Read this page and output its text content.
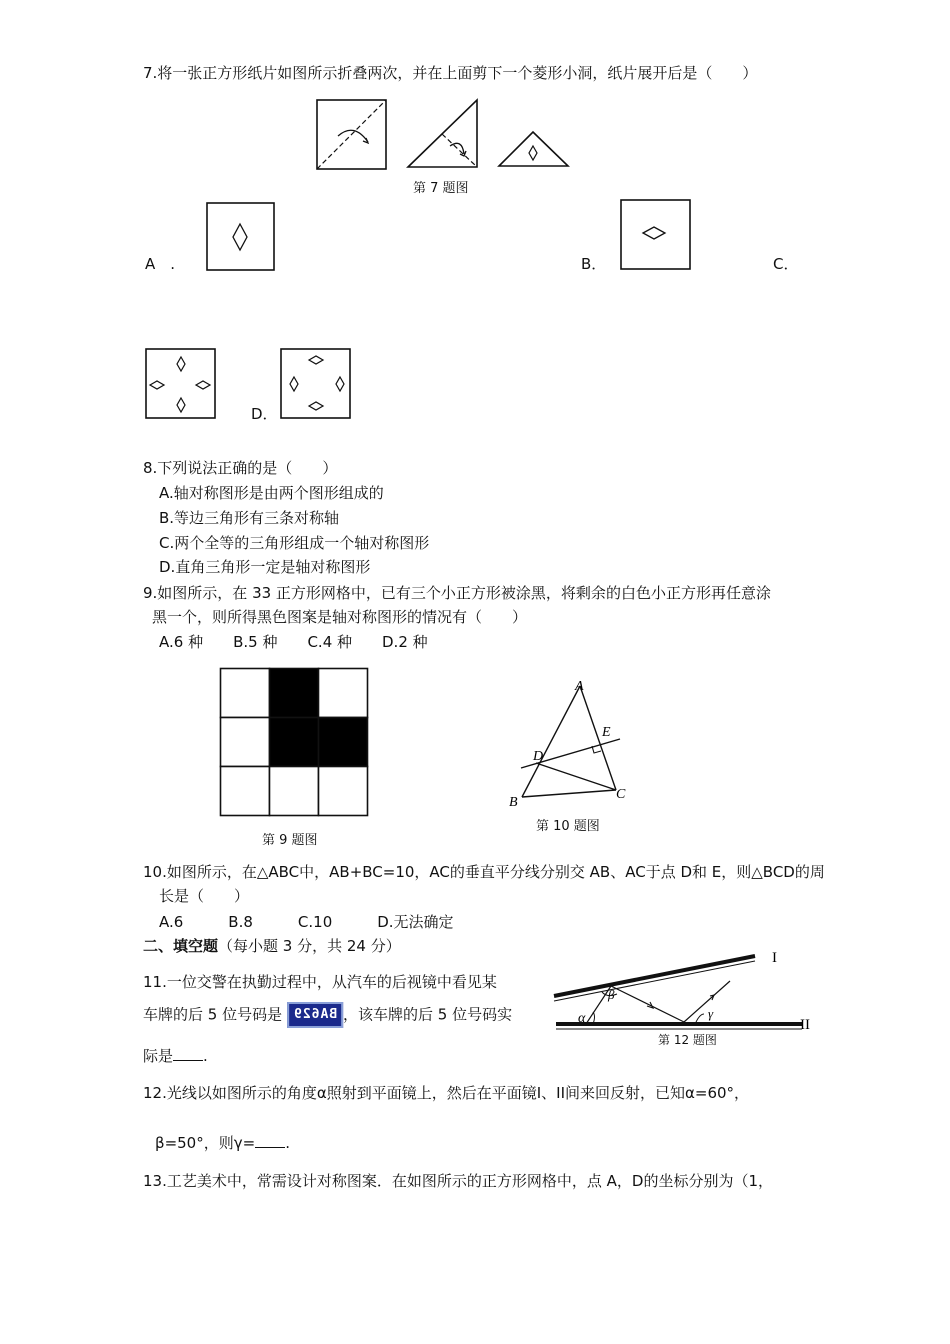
7.将一张正方形纸片如图所示折叠两次，并在上面剪下一个菱形小洞，纸片展开后是（　　）
第 7 题图
A　.	B．	C．
D．
8.下列说法正确的是（　　）
A.轴对称图形是由两个图形组成的
B.等边三角形有三条对称轴
C.两个全等的三角形组成一个轴对称图形
D.直角三角形一定是轴对称图形
9.如图所示，在 33 正方形网格中，已有三个小正方形被涂黑，将剩余的白色小正方形再任意涂
黑一个，则所得黑色图案是轴对称图形的情况有（　　）
A.6 种　　B.5 种　　C.4 种　　D.2 种
第 9 题图
A
E
D
B
C
第 10 题图
10.如图所示，在△ABC中，AB+BC=10，AC的垂直平分线分别交 AB、AC于点 D和 E，则△BCD的周
长是（　　）
A.6　　　B.8　　　C.10　　　D.无法确定
二、填空题（每小题 3 分，共 24 分）
11.一位交警在执勤过程中，从汽车的后视镜中看见某
车牌的后 5 位号码是 BA629 ，该车牌的后 5 位号码实
际是 .
I
II
α
β
γ
第 12 题图
12.光线以如图所示的角度α照射到平面镜上，然后在平面镜I、II间来回反射，已知α=60°，
β=50°，则γ= .
13.工艺美术中，常需设计对称图案．在如图所示的正方形网格中，点 A，D的坐标分别为（1，
